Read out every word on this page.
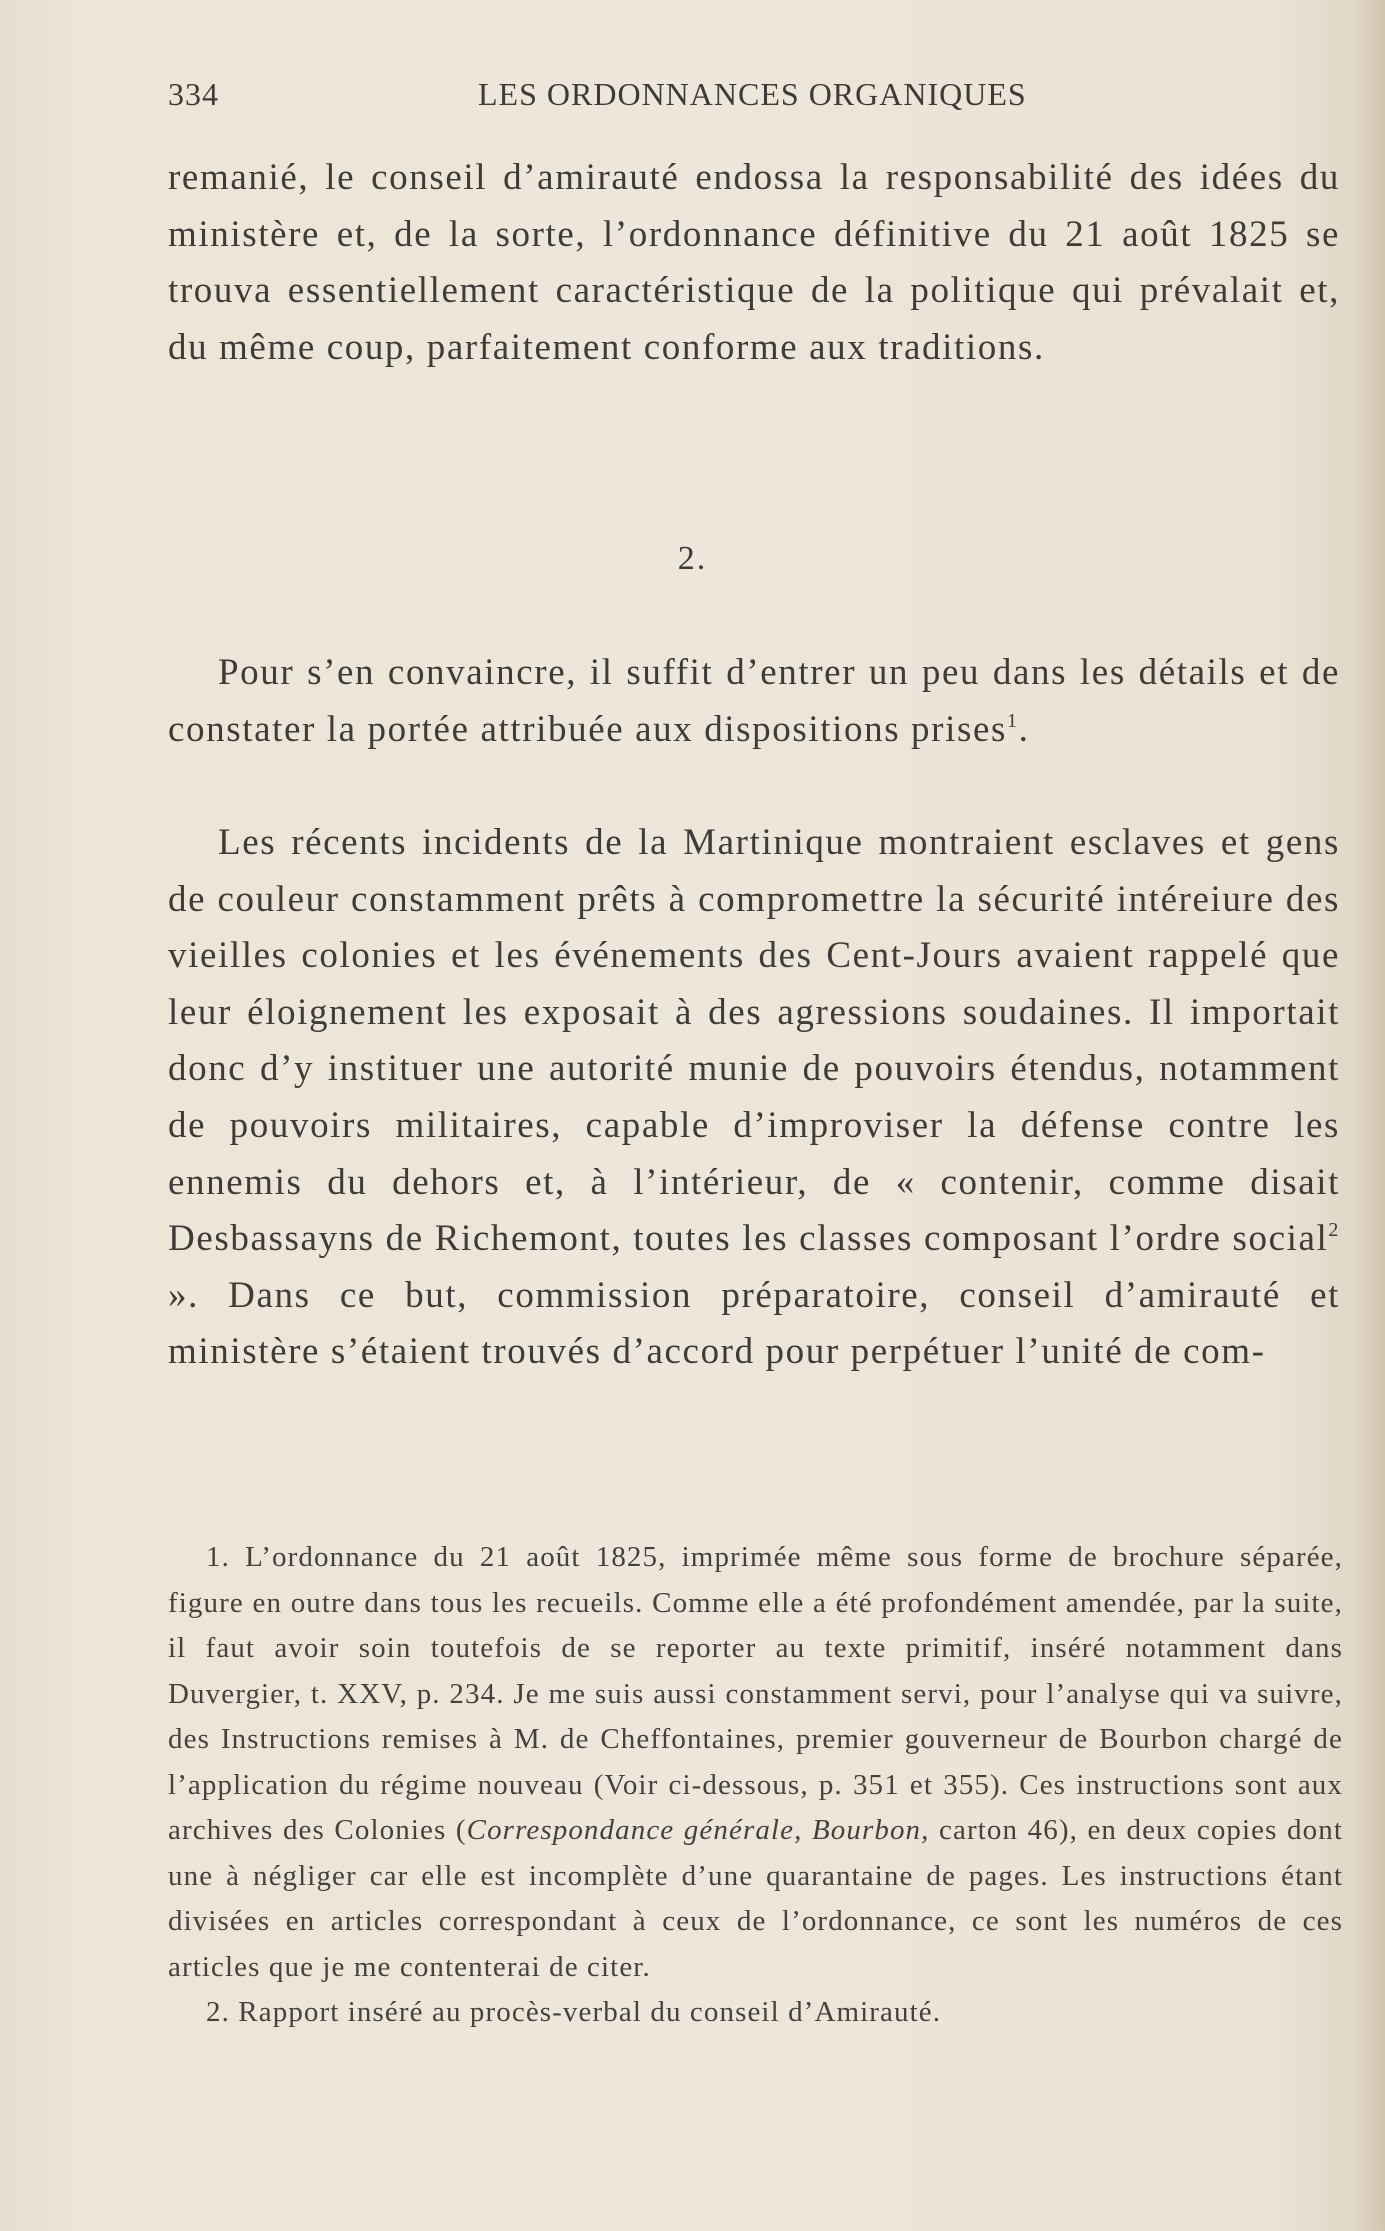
334	LES ORDONNANCES ORGANIQUES

remanié, le conseil d’amirauté endossa la responsabilité des idées du ministère et, de la sorte, l’ordonnance définitive du 21 août 1825 se trouva essentiellement caractéristique de la politique qui prévalait et, du même coup, parfaitement conforme aux traditions.

2.

Pour s’en convaincre, il suffit d’entrer un peu dans les détails et de constater la portée attribuée aux dispositions prises$^1$.

Les récents incidents de la Martinique montraient esclaves et gens de couleur constamment prêts à compromettre la sécurité intéreiure des vieilles colonies et les événements des Cent-Jours avaient rappelé que leur éloignement les exposait à des agressions soudaines. Il importait donc d’y instituer une autorité munie de pouvoirs étendus, notamment de pouvoirs militaires, capable d’improviser la défense contre les ennemis du dehors et, à l’intérieur, de « contenir, comme disait Desbassayns de Richemont, toutes les classes composant l’ordre social$^2$ ». Dans ce but, commission préparatoire, conseil d’amirauté et ministère s’étaient trouvés d’accord pour perpétuer l’unité de com-

1. L’ordonnance du 21 août 1825, imprimée même sous forme de brochure séparée, figure en outre dans tous les recueils. Comme elle a été profondément amendée, par la suite, il faut avoir soin toutefois de se reporter au texte primitif, inséré notamment dans Duvergier, t. XXV, p. 234. Je me suis aussi constamment servi, pour l’analyse qui va suivre, des Instructions remises à M. de Cheffontaines, premier gouverneur de Bourbon chargé de l’application du régime nouveau (Voir ci-dessous, p. 351 et 355). Ces instructions sont aux archives des Colonies (Correspondance générale, Bourbon, carton 46), en deux copies dont une à négliger car elle est incomplète d’une quarantaine de pages. Les instructions étant divisées en articles correspondant à ceux de l’ordonnance, ce sont les numéros de ces articles que je me contenterai de citer.

2. Rapport inséré au procès-verbal du conseil d’Amirauté.
